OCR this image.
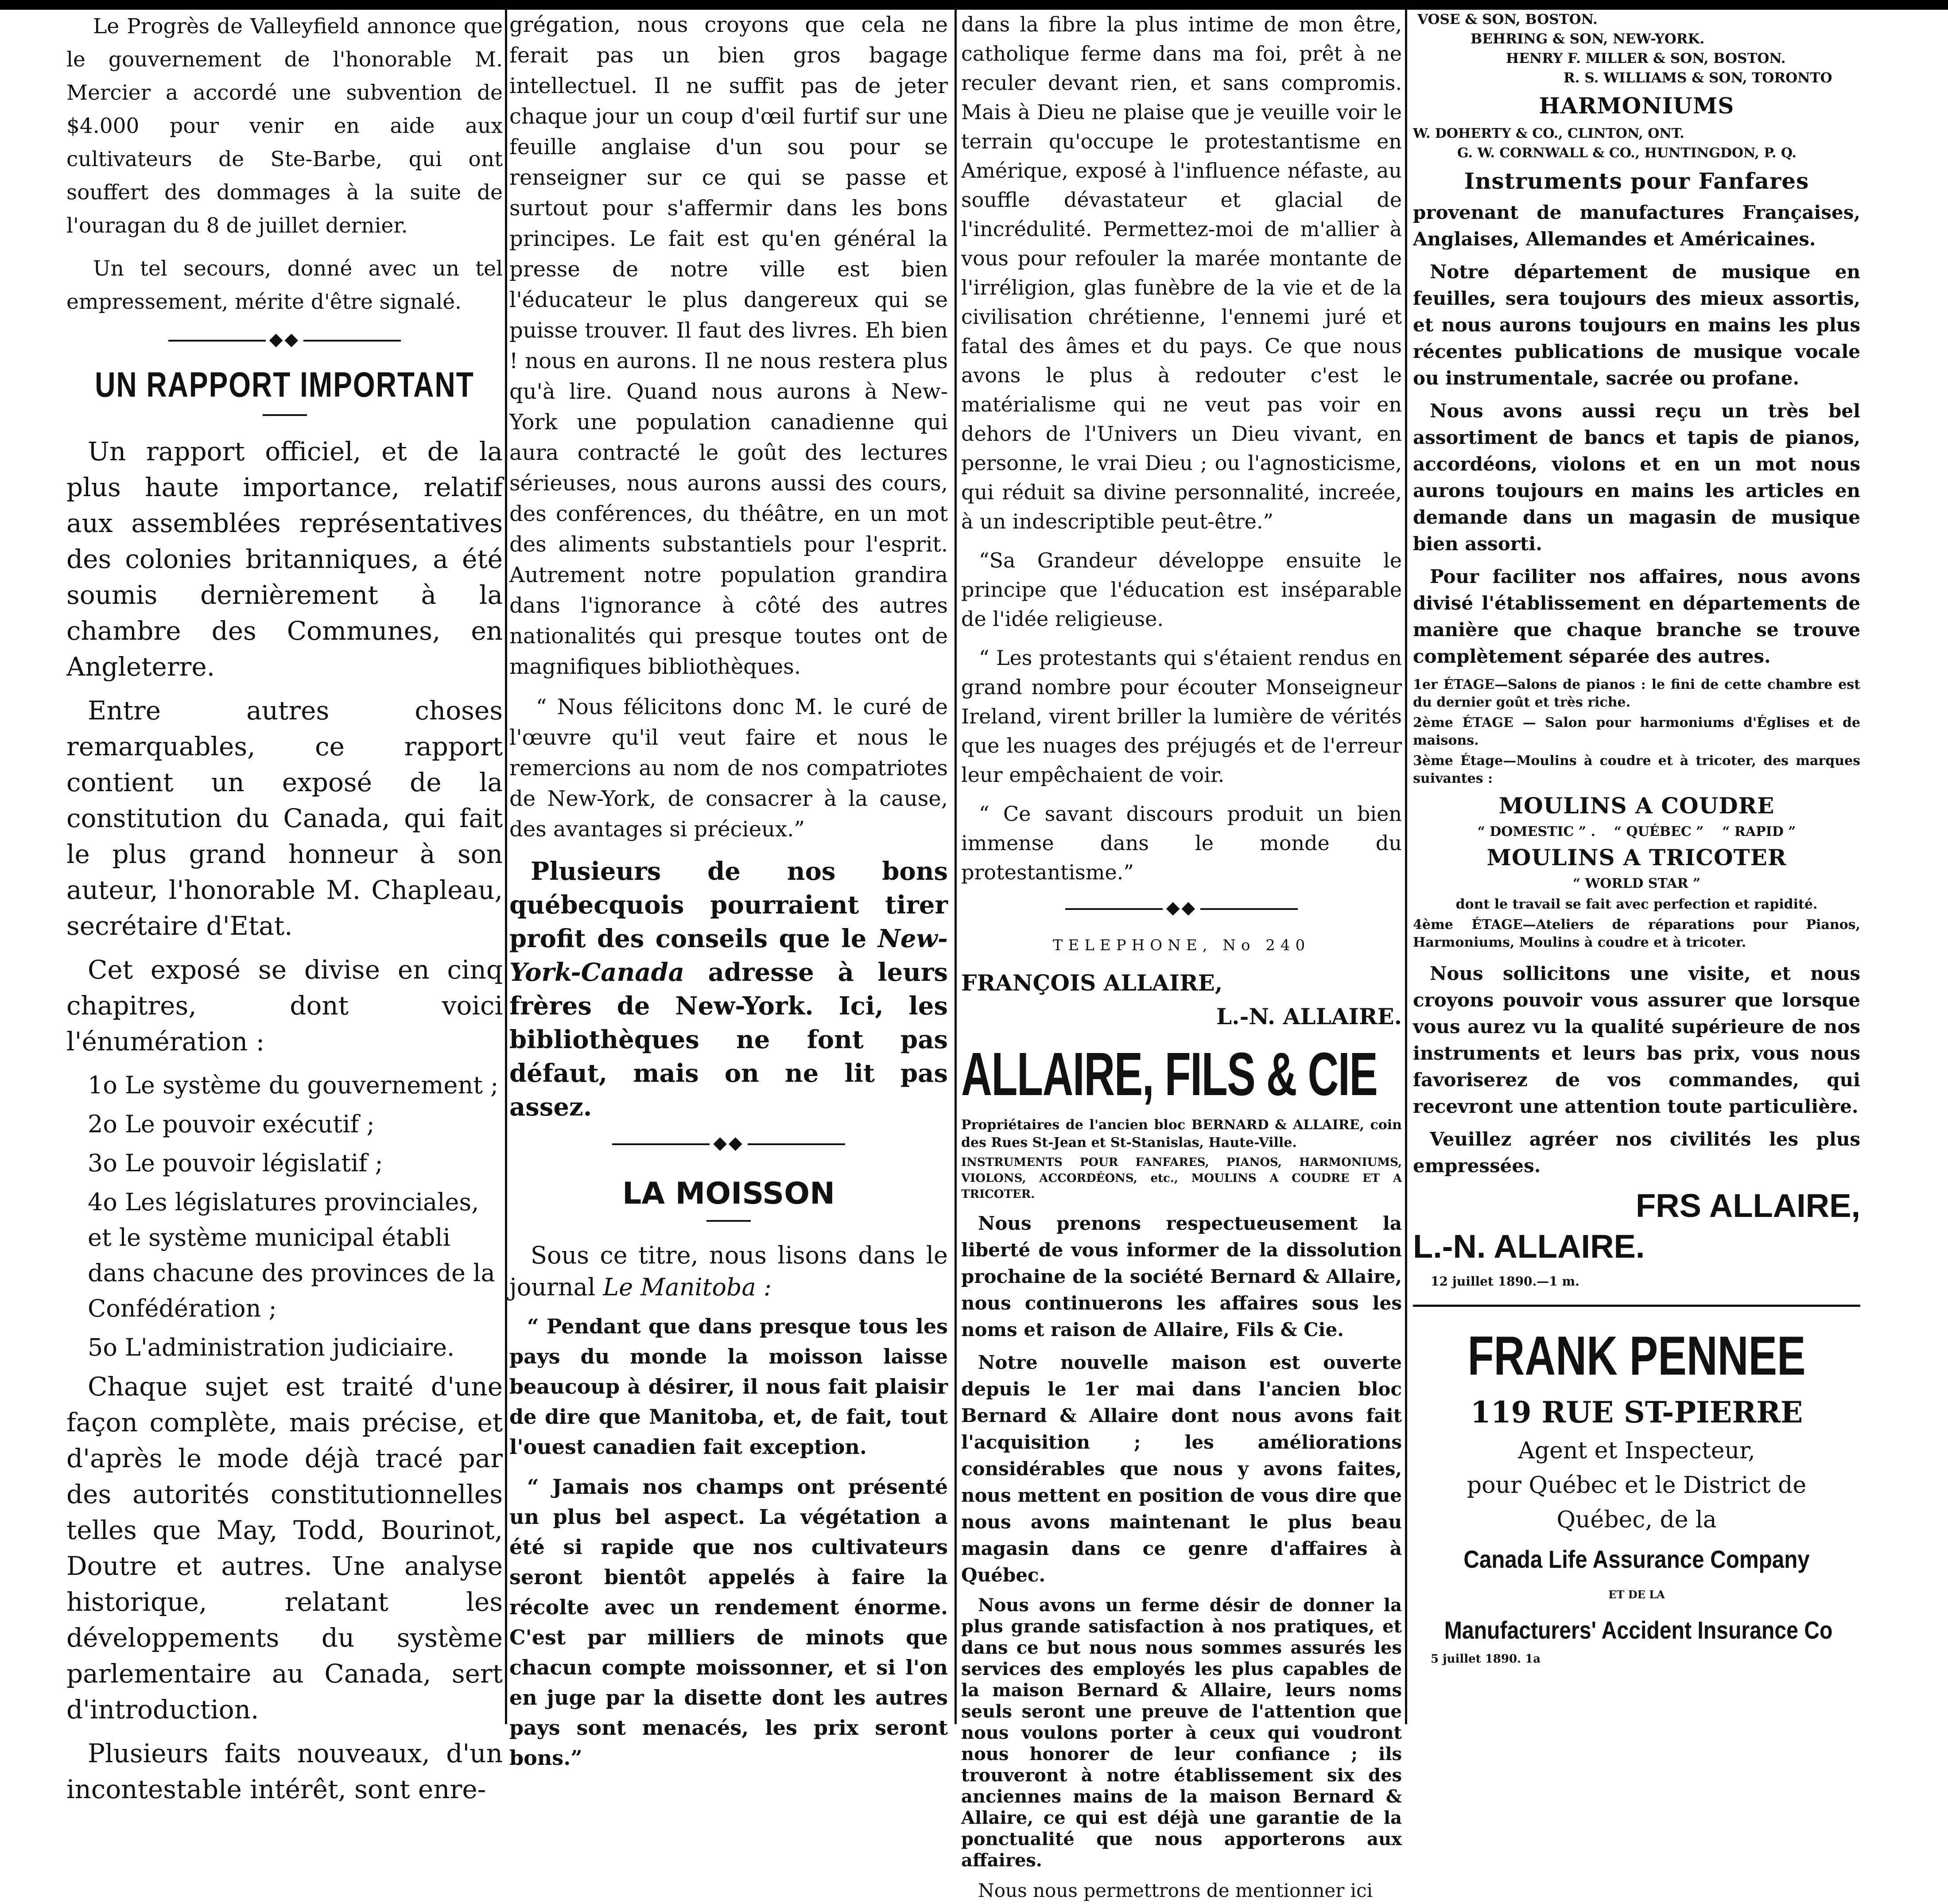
Le Progrès de Valleyfield annonce que le gouvernement de l'honorable M. Mercier a accordé une subvention de $4.000 pour venir en aide aux cultivateurs de Ste-Barbe, qui ont souffert des dommages à la suite de l'ouragan du 8 de juillet dernier.

Un tel secours, donné avec un tel empressement, mérite d'être signalé.

◆◆
UN RAPPORT IMPORTANT

Un rapport officiel, et de la plus haute importance, relatif aux assemblées représentatives des colonies britanniques, a été soumis dernièrement à la chambre des Communes, en Angleterre.

Entre autres choses remarquables, ce rapport contient un exposé de la constitution du Canada, qui fait le plus grand honneur à son auteur, l'honorable M. Chapleau, secrétaire d'Etat.

Cet exposé se divise en cinq chapitres, dont voici l'énumération :

1o Le système du gouvernement ;

2o Le pouvoir exécutif ;

3o Le pouvoir législatif ;

4o Les législatures provinciales, et le système municipal établi dans chacune des provinces de la Confédération ;

5o L'administration judiciaire.

Chaque sujet est traité d'une façon complète, mais précise, et d'après le mode déjà tracé par des autorités constitutionnelles telles que May, Todd, Bourinot, Doutre et autres. Une analyse historique, relatant les développements du système parlementaire au Canada, sert d'introduction.

Plusieurs faits nouveaux, d'un incontestable intérêt, sont enre-

grégation, nous croyons que cela ne ferait pas un bien gros bagage intellectuel. Il ne suffit pas de jeter chaque jour un coup d'œil furtif sur une feuille anglaise d'un sou pour se renseigner sur ce qui se passe et surtout pour s'affermir dans les bons principes. Le fait est qu'en général la presse de notre ville est bien l'éducateur le plus dangereux qui se puisse trouver. Il faut des livres. Eh bien ! nous en aurons. Il ne nous restera plus qu'à lire. Quand nous aurons à New-York une population canadienne qui aura contracté le goût des lectures sérieuses, nous aurons aussi des cours, des conférences, du théâtre, en un mot des aliments substantiels pour l'esprit. Autrement notre population grandira dans l'ignorance à côté des autres nationalités qui presque toutes ont de magnifiques bibliothèques.

“ Nous félicitons donc M. le curé de l'œuvre qu'il veut faire et nous le remercions au nom de nos compatriotes de New-York, de consacrer à la cause, des avantages si précieux.”

Plusieurs de nos bons québecquois pourraient tirer profit des conseils que le New-York-Canada adresse à leurs frères de New-York. Ici, les bibliothèques ne font pas défaut, mais on ne lit pas assez.

◆◆
LA MOISSON

Sous ce titre, nous lisons dans le journal Le Manitoba :

“ Pendant que dans presque tous les pays du monde la moisson laisse beaucoup à désirer, il nous fait plaisir de dire que Manitoba, et, de fait, tout l'ouest canadien fait exception.

“ Jamais nos champs ont présenté un plus bel aspect. La végétation a été si rapide que nos cultivateurs seront bientôt appelés à faire la récolte avec un rendement énorme. C'est par milliers de minots que chacun compte moissonner, et si l'on en juge par la disette dont les autres pays sont menacés, les prix seront bons.”

dans la fibre la plus intime de mon être, catholique ferme dans ma foi, prêt à ne reculer devant rien, et sans compromis. Mais à Dieu ne plaise que je veuille voir le terrain qu'occupe le protestantisme en Amérique, exposé à l'influence néfaste, au souffle dévastateur et glacial de l'incrédulité. Permettez-moi de m'allier à vous pour refouler la marée montante de l'irréligion, glas funèbre de la vie et de la civilisation chrétienne, l'ennemi juré et fatal des âmes et du pays. Ce que nous avons le plus à redouter c'est le matérialisme qui ne veut pas voir en dehors de l'Univers un Dieu vivant, en personne, le vrai Dieu ; ou l'agnosticisme, qui réduit sa divine personnalité, increée, à un indescriptible peut-être.”

“Sa Grandeur développe ensuite le principe que l'éducation est inséparable de l'idée religieuse.

“ Les protestants qui s'étaient rendus en grand nombre pour écouter Monseigneur Ireland, virent briller la lumière de vérités que les nuages des préjugés et de l'erreur leur empêchaient de voir.

“ Ce savant discours produit un bien immense dans le monde du protestantisme.”

◆◆
TELEPHONE, No 240
FRANÇOIS ALLAIRE,
L.-N. ALLAIRE.
ALLAIRE, FILS & CIE

Propriétaires de l'ancien bloc BERNARD & ALLAIRE, coin des Rues St-Jean et St-Stanislas, Haute-Ville.

INSTRUMENTS POUR FANFARES, PIANOS, HARMONIUMS, VIOLONS, ACCORDÉONS, etc., MOULINS A COUDRE ET A TRICOTER.

Nous prenons respectueusement la liberté de vous informer de la dissolution prochaine de la société Bernard & Allaire, nous continuerons les affaires sous les noms et raison de Allaire, Fils & Cie.

Notre nouvelle maison est ouverte depuis le 1er mai dans l'ancien bloc Bernard & Allaire dont nous avons fait l'acquisition ; les améliorations considérables que nous y avons faites, nous mettent en position de vous dire que nous avons maintenant le plus beau magasin dans ce genre d'affaires à Québec.

Nous avons un ferme désir de donner la plus grande satisfaction à nos pratiques, et dans ce but nous nous sommes assurés les services des employés les plus capables de la maison Bernard & Allaire, leurs noms seuls seront une preuve de l'attention que nous voulons porter à ceux qui voudront nous honorer de leur confiance ; ils trouveront à notre établissement six des anciennes mains de la maison Bernard & Allaire, ce qui est déjà une garantie de la ponctualité que nous apporterons aux affaires.

Nous nous permettrons de mentionner ici

VOSE & SON, BOSTON.
BEHRING & SON, NEW-YORK.
HENRY F. MILLER & SON, BOSTON.
R. S. WILLIAMS & SON, TORONTO
HARMONIUMS
W. DOHERTY & CO., CLINTON, ONT.
G. W. CORNWALL & CO., HUNTINGDON, P. Q.
Instruments pour Fanfares

provenant de manufactures Françaises, Anglaises, Allemandes et Américaines.

Notre département de musique en feuilles, sera toujours des mieux assortis, et nous aurons toujours en mains les plus récentes publications de musique vocale ou instrumentale, sacrée ou profane.

Nous avons aussi reçu un très bel assortiment de bancs et tapis de pianos, accordéons, violons et en un mot nous aurons toujours en mains les articles en demande dans un magasin de musique bien assorti.

Pour faciliter nos affaires, nous avons divisé l'établissement en départements de manière que chaque branche se trouve complètement séparée des autres.

1er ÉTAGE—Salons de pianos : le fini de cette chambre est du dernier goût et très riche.

2ème ÉTAGE — Salon pour harmoniums d'Églises et de maisons.

3ème Étage—Moulins à coudre et à tricoter, des marques suivantes :

MOULINS A COUDRE
“ DOMESTIC ” .    “ QUÉBEC ”    “ RAPID ”
MOULINS A TRICOTER
“ WORLD STAR ”

dont le travail se fait avec perfection et rapidité.

4ème ÉTAGE—Ateliers de réparations pour Pianos, Harmoniums, Moulins à coudre et à tricoter.

Nous sollicitons une visite, et nous croyons pouvoir vous assurer que lorsque vous aurez vu la qualité supérieure de nos instruments et leurs bas prix, vous nous favoriserez de vos commandes, qui recevront une attention toute particulière.

Veuillez agréer nos civilités les plus empressées.

FRS ALLAIRE,
L.-N. ALLAIRE.
12 juillet 1890.—1 m.
FRANK PENNEE
119 RUE ST-PIERRE
Agent et Inspecteur,
pour Québec et le District de
Québec, de la
Canada Life Assurance Company
ET DE LA
Manufacturers' Accident Insurance Co
5 juillet 1890. 1a
